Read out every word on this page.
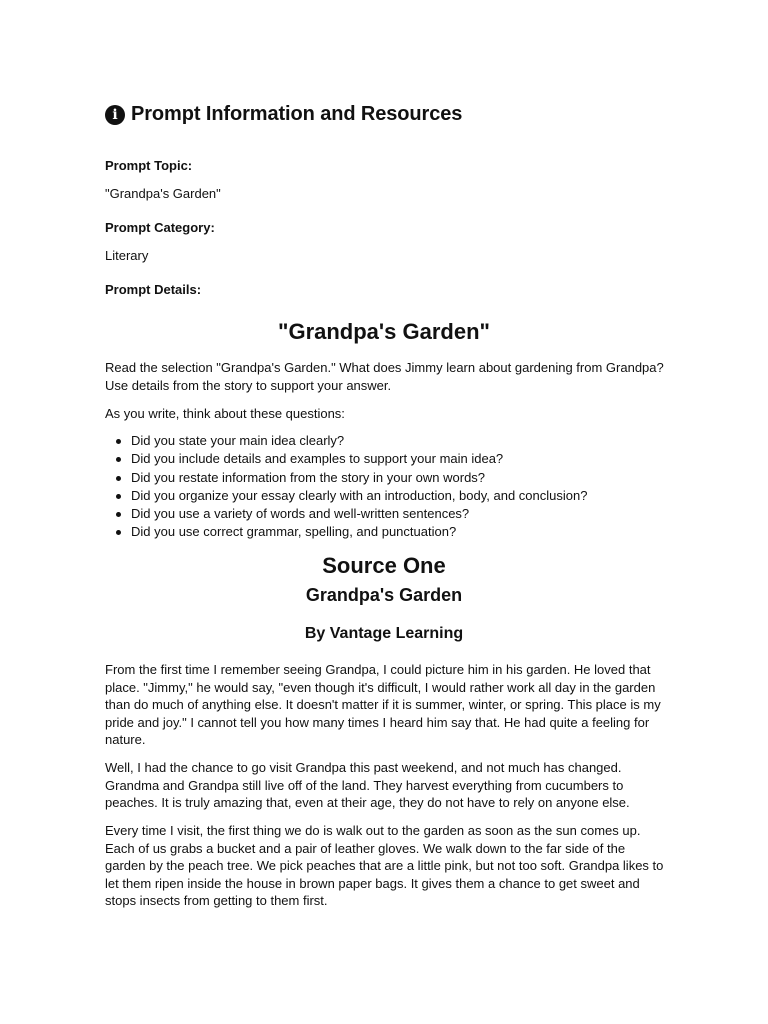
i Prompt Information and Resources
Prompt Topic:
"Grandpa's Garden"
Prompt Category:
Literary
Prompt Details:
"Grandpa's Garden"

Read the selection "Grandpa's Garden." What does Jimmy learn about gardening from Grandpa? Use details from the story to support your answer.

As you write, think about these questions:

Did you state your main idea clearly?
Did you include details and examples to support your main idea?
Did you restate information from the story in your own words?
Did you organize your essay clearly with an introduction, body, and conclusion?
Did you use a variety of words and well-written sentences?
Did you use correct grammar, spelling, and punctuation?
Source One
Grandpa's Garden
By Vantage Learning

From the first time I remember seeing Grandpa, I could picture him in his garden. He loved that place. "Jimmy," he would say, "even though it's difficult, I would rather work all day in the garden than do much of anything else. It doesn't matter if it is summer, winter, or spring. This place is my pride and joy." I cannot tell you how many times I heard him say that. He had quite a feeling for nature.

Well, I had the chance to go visit Grandpa this past weekend, and not much has changed. Grandma and Grandpa still live off of the land. They harvest everything from cucumbers to peaches. It is truly amazing that, even at their age, they do not have to rely on anyone else.

Every time I visit, the first thing we do is walk out to the garden as soon as the sun comes up. Each of us grabs a bucket and a pair of leather gloves. We walk down to the far side of the garden by the peach tree. We pick peaches that are a little pink, but not too soft. Grandpa likes to let them ripen inside the house in brown paper bags. It gives them a chance to get sweet and stops insects from getting to them first.
